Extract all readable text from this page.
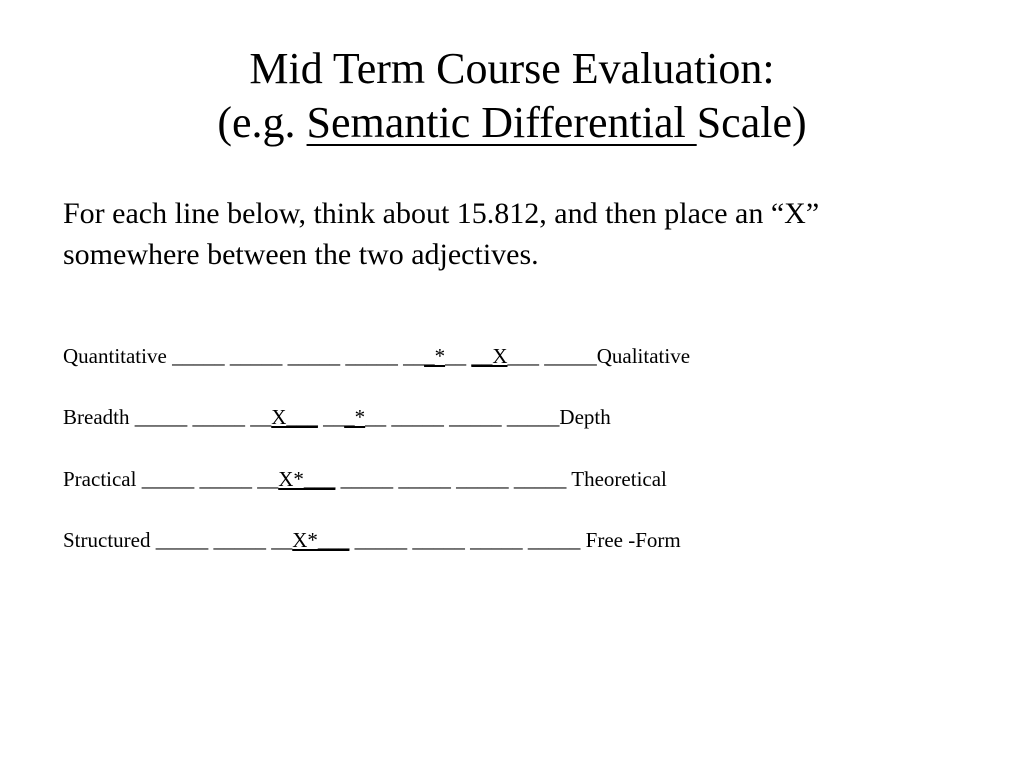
Mid Term Course Evaluation:
(e.g. Semantic Differential Scale)
For each line below, think about 15.812, and then place an “X”
somewhere between the two adjectives.
Quantitative _____ _____ _____ _____ ___*__ __X___ _____Qualitative
Breadth _____ _____ __X___ ___*__ _____ _____ _____Depth
Practical _____ _____ __X*___ _____ _____ _____ _____ Theoretical
Structured _____ _____ __X*___ _____ _____ _____ _____ Free -Form
